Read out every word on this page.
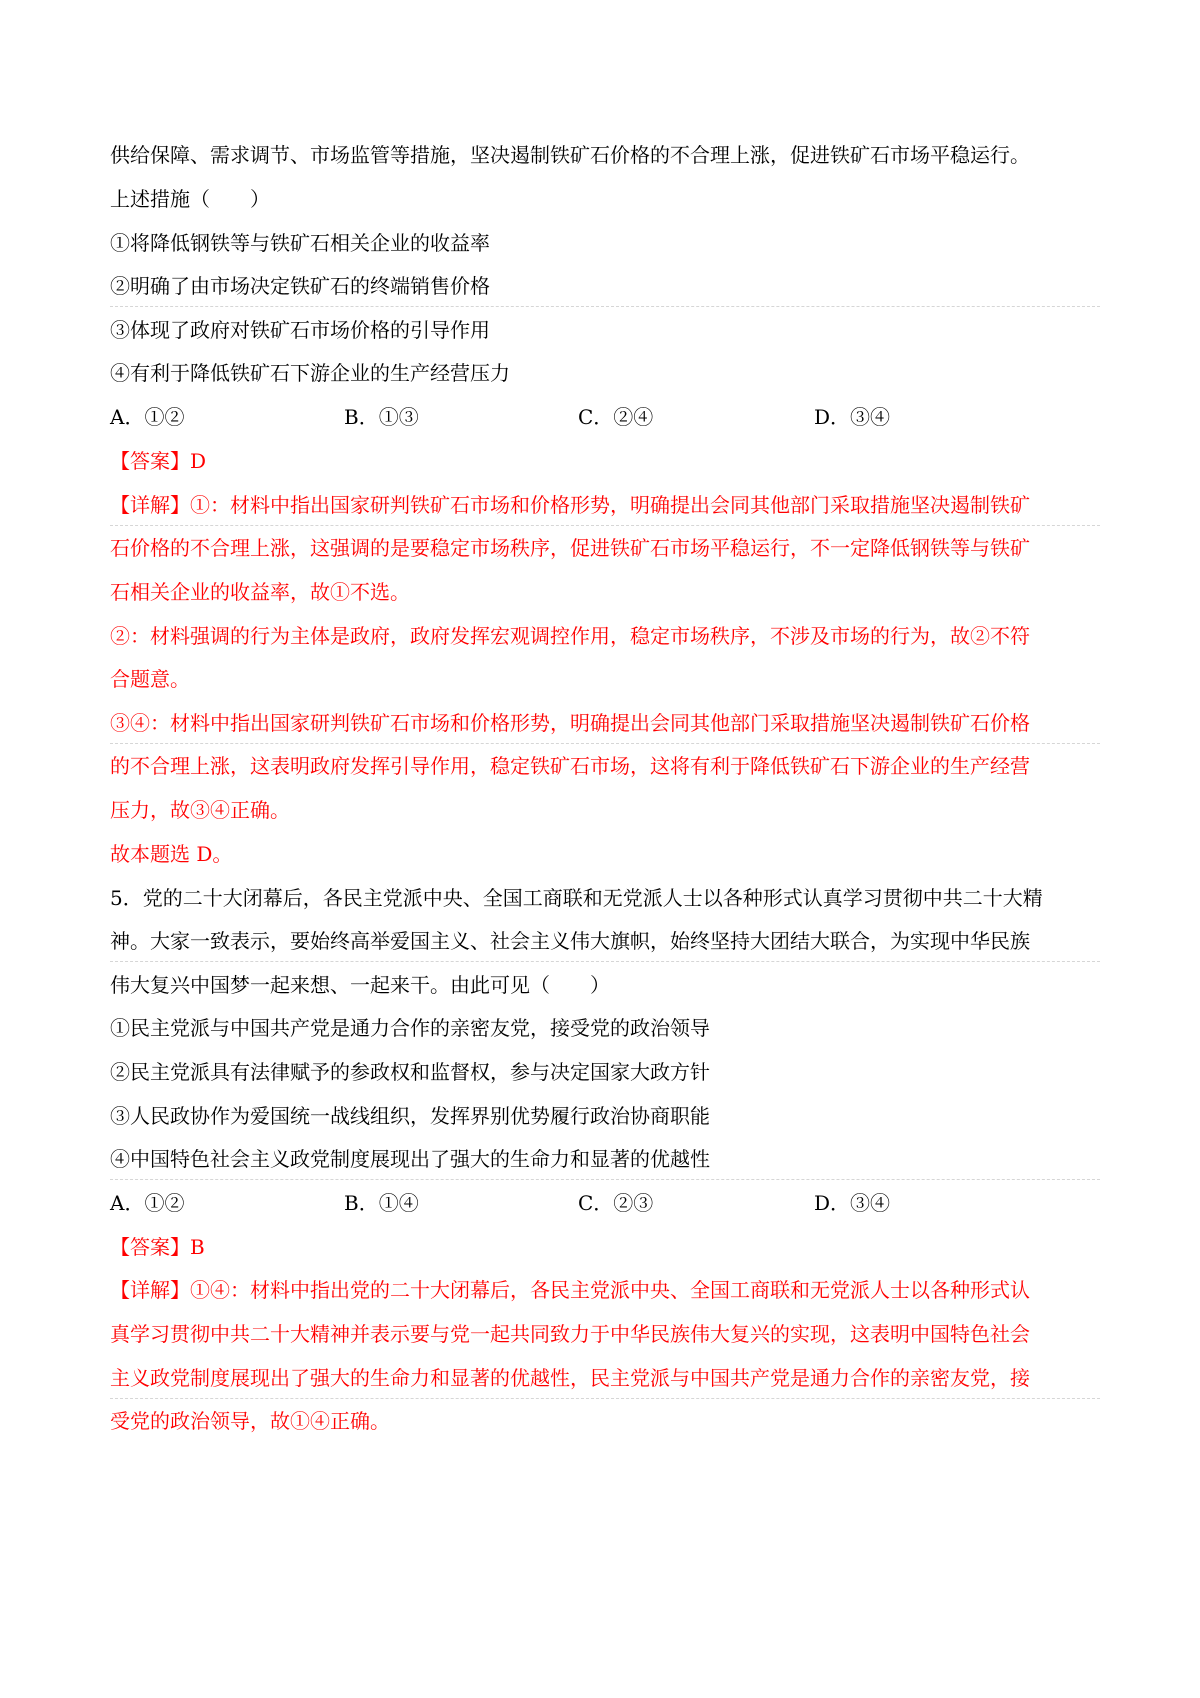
供给保障、需求调节、市场监管等措施，坚决遏制铁矿石价格的不合理上涨，促进铁矿石市场平稳运行。
上述措施（　　）
①将降低钢铁等与铁矿石相关企业的收益率
②明确了由市场决定铁矿石的终端销售价格
③体现了政府对铁矿石市场价格的引导作用
④有利于降低铁矿石下游企业的生产经营压力
A．①②	B．①③	C．②④	D．③④
【答案】D
【详解】①：材料中指出国家研判铁矿石市场和价格形势，明确提出会同其他部门采取措施坚决遏制铁矿
石价格的不合理上涨，这强调的是要稳定市场秩序，促进铁矿石市场平稳运行，不一定降低钢铁等与铁矿
石相关企业的收益率，故①不选。
②：材料强调的行为主体是政府，政府发挥宏观调控作用，稳定市场秩序，不涉及市场的行为，故②不符
合题意。
③④：材料中指出国家研判铁矿石市场和价格形势，明确提出会同其他部门采取措施坚决遏制铁矿石价格
的不合理上涨，这表明政府发挥引导作用，稳定铁矿石市场，这将有利于降低铁矿石下游企业的生产经营
压力，故③④正确。
故本题选 D。
5．党的二十大闭幕后，各民主党派中央、全国工商联和无党派人士以各种形式认真学习贯彻中共二十大精
神。大家一致表示，要始终高举爱国主义、社会主义伟大旗帜，始终坚持大团结大联合，为实现中华民族
伟大复兴中国梦一起来想、一起来干。由此可见（　　）
①民主党派与中国共产党是通力合作的亲密友党，接受党的政治领导
②民主党派具有法律赋予的参政权和监督权，参与决定国家大政方针
③人民政协作为爱国统一战线组织，发挥界别优势履行政治协商职能
④中国特色社会主义政党制度展现出了强大的生命力和显著的优越性
A．①②	B．①④	C．②③	D．③④
【答案】B
【详解】①④：材料中指出党的二十大闭幕后，各民主党派中央、全国工商联和无党派人士以各种形式认
真学习贯彻中共二十大精神并表示要与党一起共同致力于中华民族伟大复兴的实现，这表明中国特色社会
主义政党制度展现出了强大的生命力和显著的优越性，民主党派与中国共产党是通力合作的亲密友党，接
受党的政治领导，故①④正确。
